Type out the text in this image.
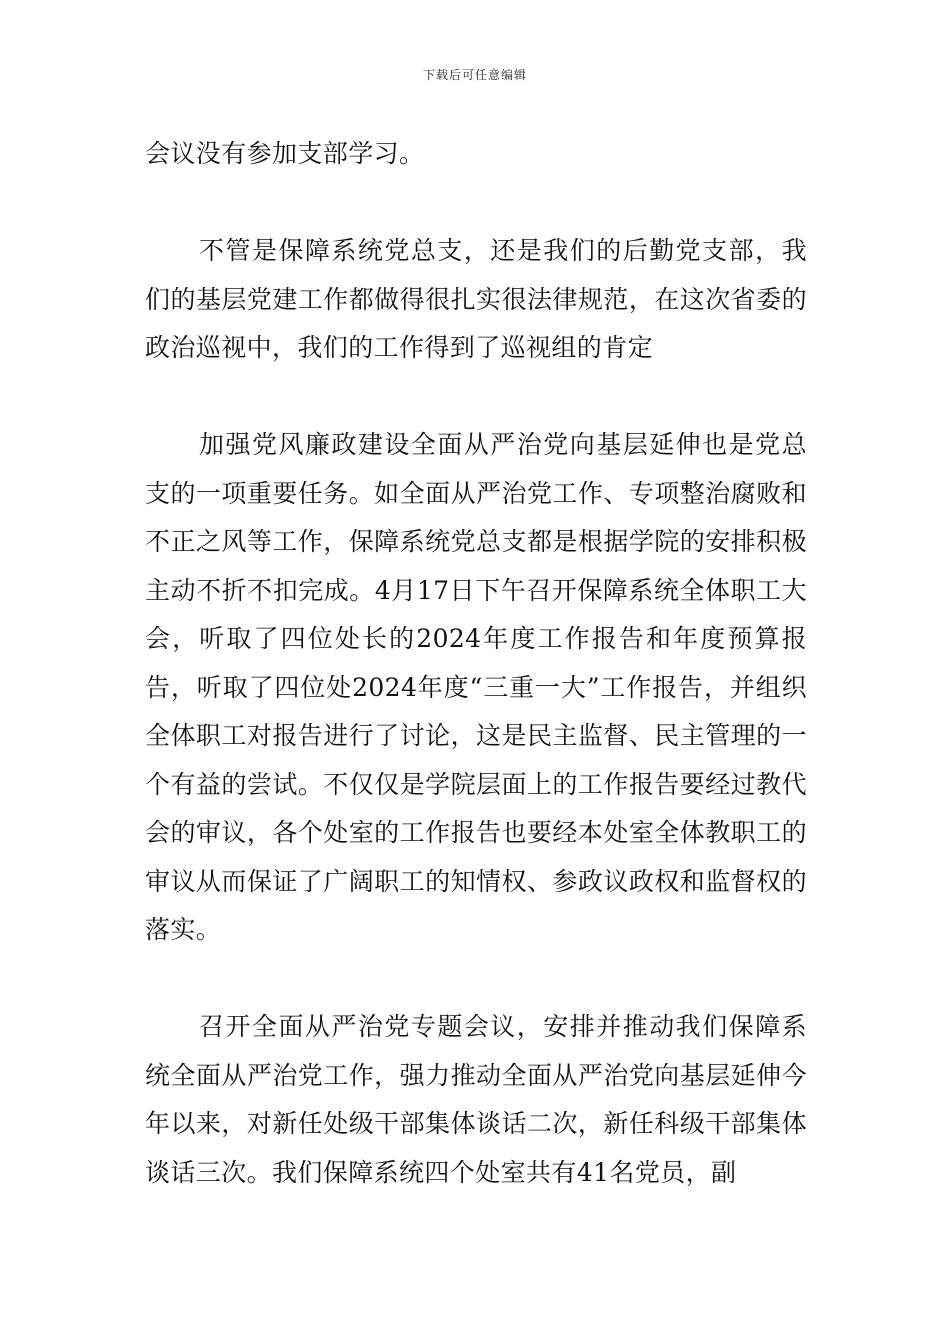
下载后可任意编辑

会议没有参加支部学习。

不管是保障系统党总支，还是我们的后勤党支部，我们的基层党建工作都做得很扎实很法律规范，在这次省委的政治巡视中，我们的工作得到了巡视组的肯定

加强党风廉政建设全面从严治党向基层延伸也是党总支的一项重要任务。如全面从严治党工作、专项整治腐败和不正之风等工作，保障系统党总支都是根据学院的安排积极主动不折不扣完成。4月17日下午召开保障系统全体职工大会，听取了四位处长的2024年度工作报告和年度预算报告，听取了四位处2024年度“三重一大”工作报告，并组织全体职工对报告进行了讨论，这是民主监督、民主管理的一个有益的尝试。不仅仅是学院层面上的工作报告要经过教代会的审议，各个处室的工作报告也要经本处室全体教职工的审议从而保证了广阔职工的知情权、参政议政权和监督权的落实。

召开全面从严治党专题会议，安排并推动我们保障系统全面从严治党工作，强力推动全面从严治党向基层延伸今年以来，对新任处级干部集体谈话二次，新任科级干部集体谈话三次。我们保障系统四个处室共有41名党员，副
